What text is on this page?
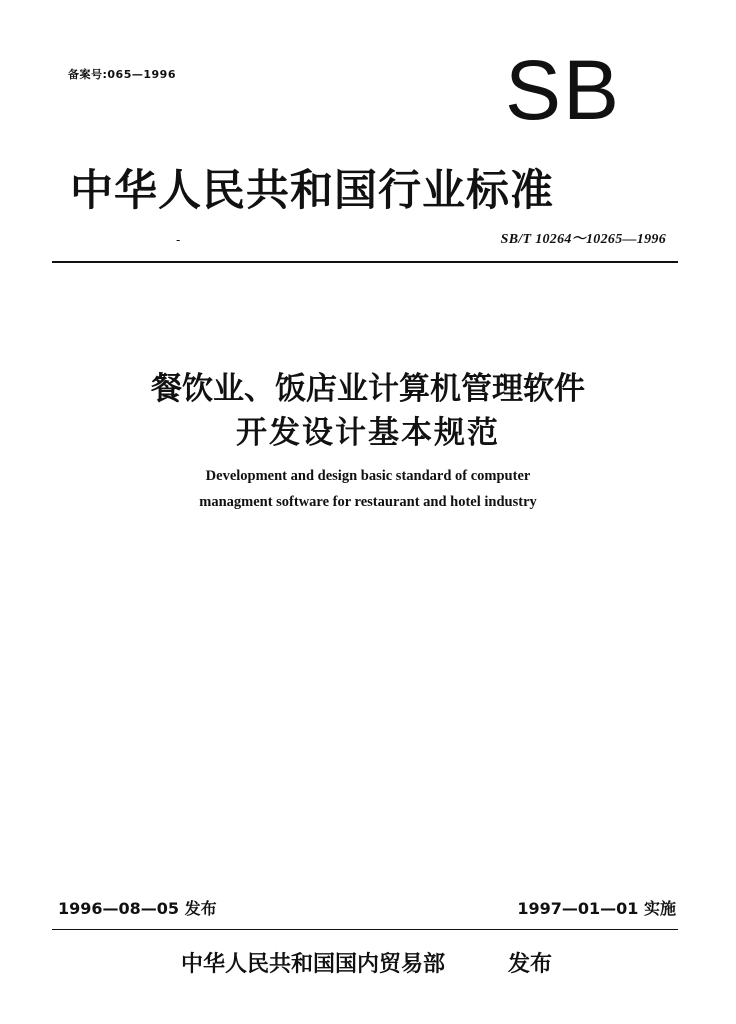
备案号:065—1996	SB
中华人民共和国行业标准
-	SB/T 10264～10265—1996
餐饮业、饭店业计算机管理软件
开发设计基本规范
Development and design basic standard of computer
managment software for restaurant and hotel industry
1996—08—05 发布	1997—01—01 实施
中华人民共和国国内贸易部	发布
